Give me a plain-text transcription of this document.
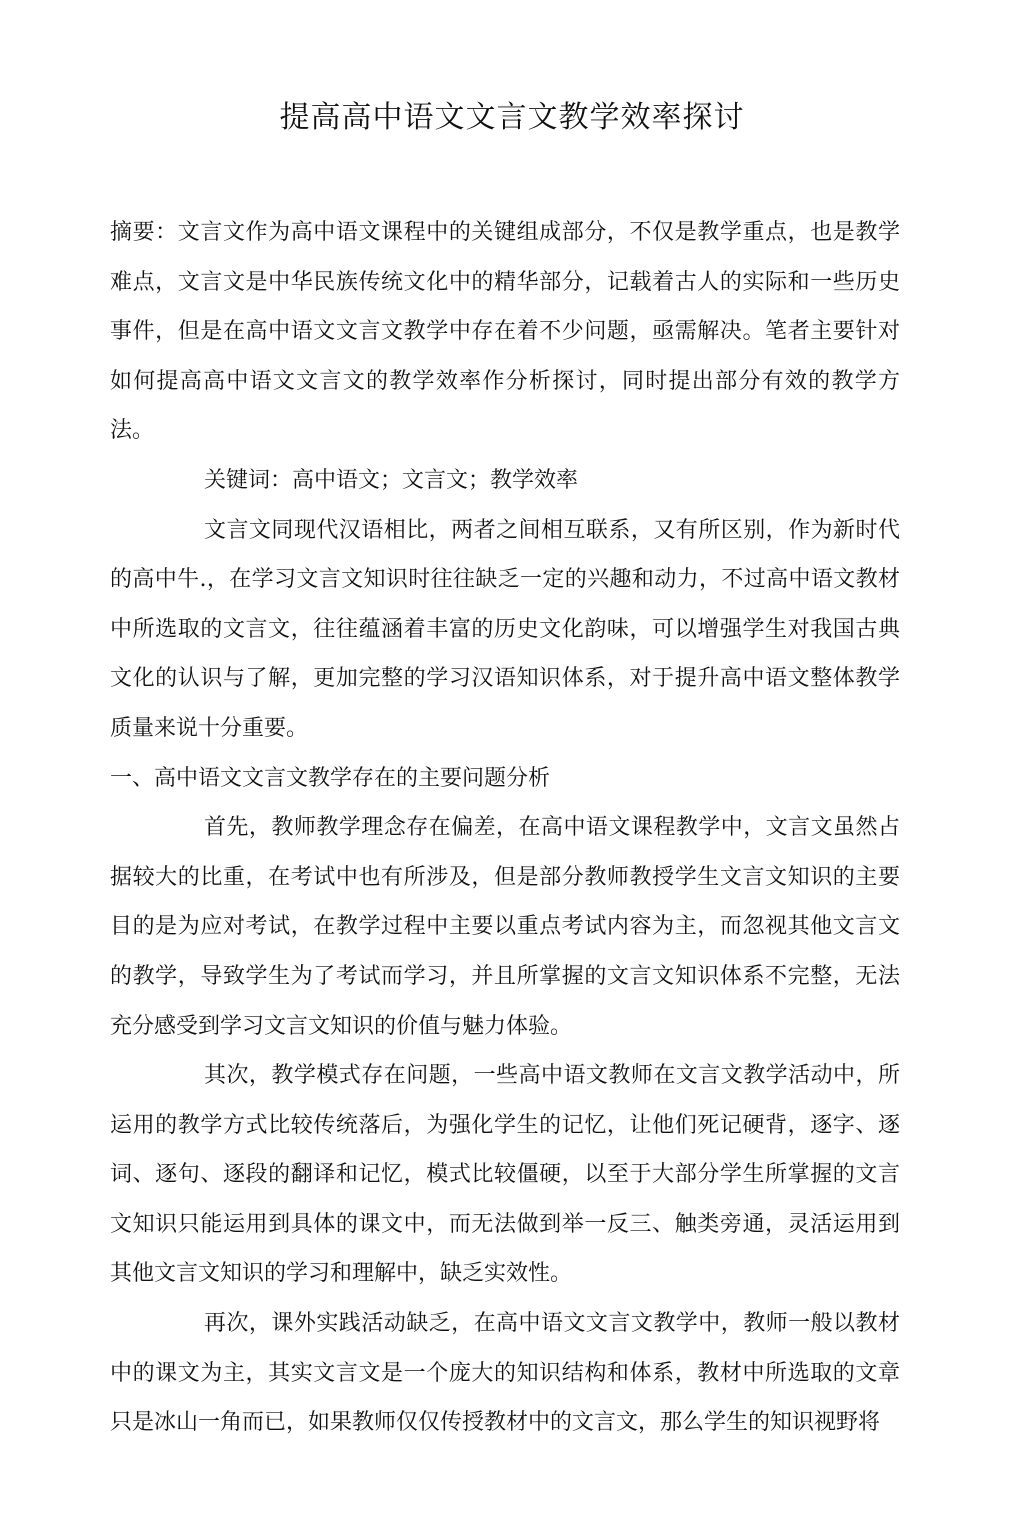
提高高中语文文言文教学效率探讨

摘要：文言文作为高中语文课程中的关键组成部分，不仅是教学重点，也是教学难点，文言文是中华民族传统文化中的精华部分，记载着古人的实际和一些历史事件，但是在高中语文文言文教学中存在着不少问题，亟需解决。笔者主要针对如何提高高中语文文言文的教学效率作分析探讨，同时提出部分有效的教学方法。

关键词：高中语文；文言文；教学效率

文言文同现代汉语相比，两者之间相互联系，又有所区别，作为新时代的高中牛.，在学习文言文知识时往往缺乏一定的兴趣和动力，不过高中语文教材中所选取的文言文，往往蕴涵着丰富的历史文化韵味，可以增强学生对我国古典文化的认识与了解，更加完整的学习汉语知识体系，对于提升高中语文整体教学质量来说十分重要。

一、高中语文文言文教学存在的主要问题分析

首先，教师教学理念存在偏差，在高中语文课程教学中，文言文虽然占据较大的比重，在考试中也有所涉及，但是部分教师教授学生文言文知识的主要目的是为应对考试，在教学过程中主要以重点考试内容为主，而忽视其他文言文的教学，导致学生为了考试而学习，并且所掌握的文言文知识体系不完整，无法充分感受到学习文言文知识的价值与魅力体验。

其次，教学模式存在问题，一些高中语文教师在文言文教学活动中，所运用的教学方式比较传统落后，为强化学生的记忆，让他们死记硬背，逐字、逐词、逐句、逐段的翻译和记忆，模式比较僵硬，以至于大部分学生所掌握的文言文知识只能运用到具体的课文中，而无法做到举一反三、触类旁通，灵活运用到其他文言文知识的学习和理解中，缺乏实效性。

再次，课外实践活动缺乏，在高中语文文言文教学中，教师一般以教材中的课文为主，其实文言文是一个庞大的知识结构和体系，教材中所选取的文章只是冰山一角而已，如果教师仅仅传授教材中的文言文，那么学生的知识视野将
